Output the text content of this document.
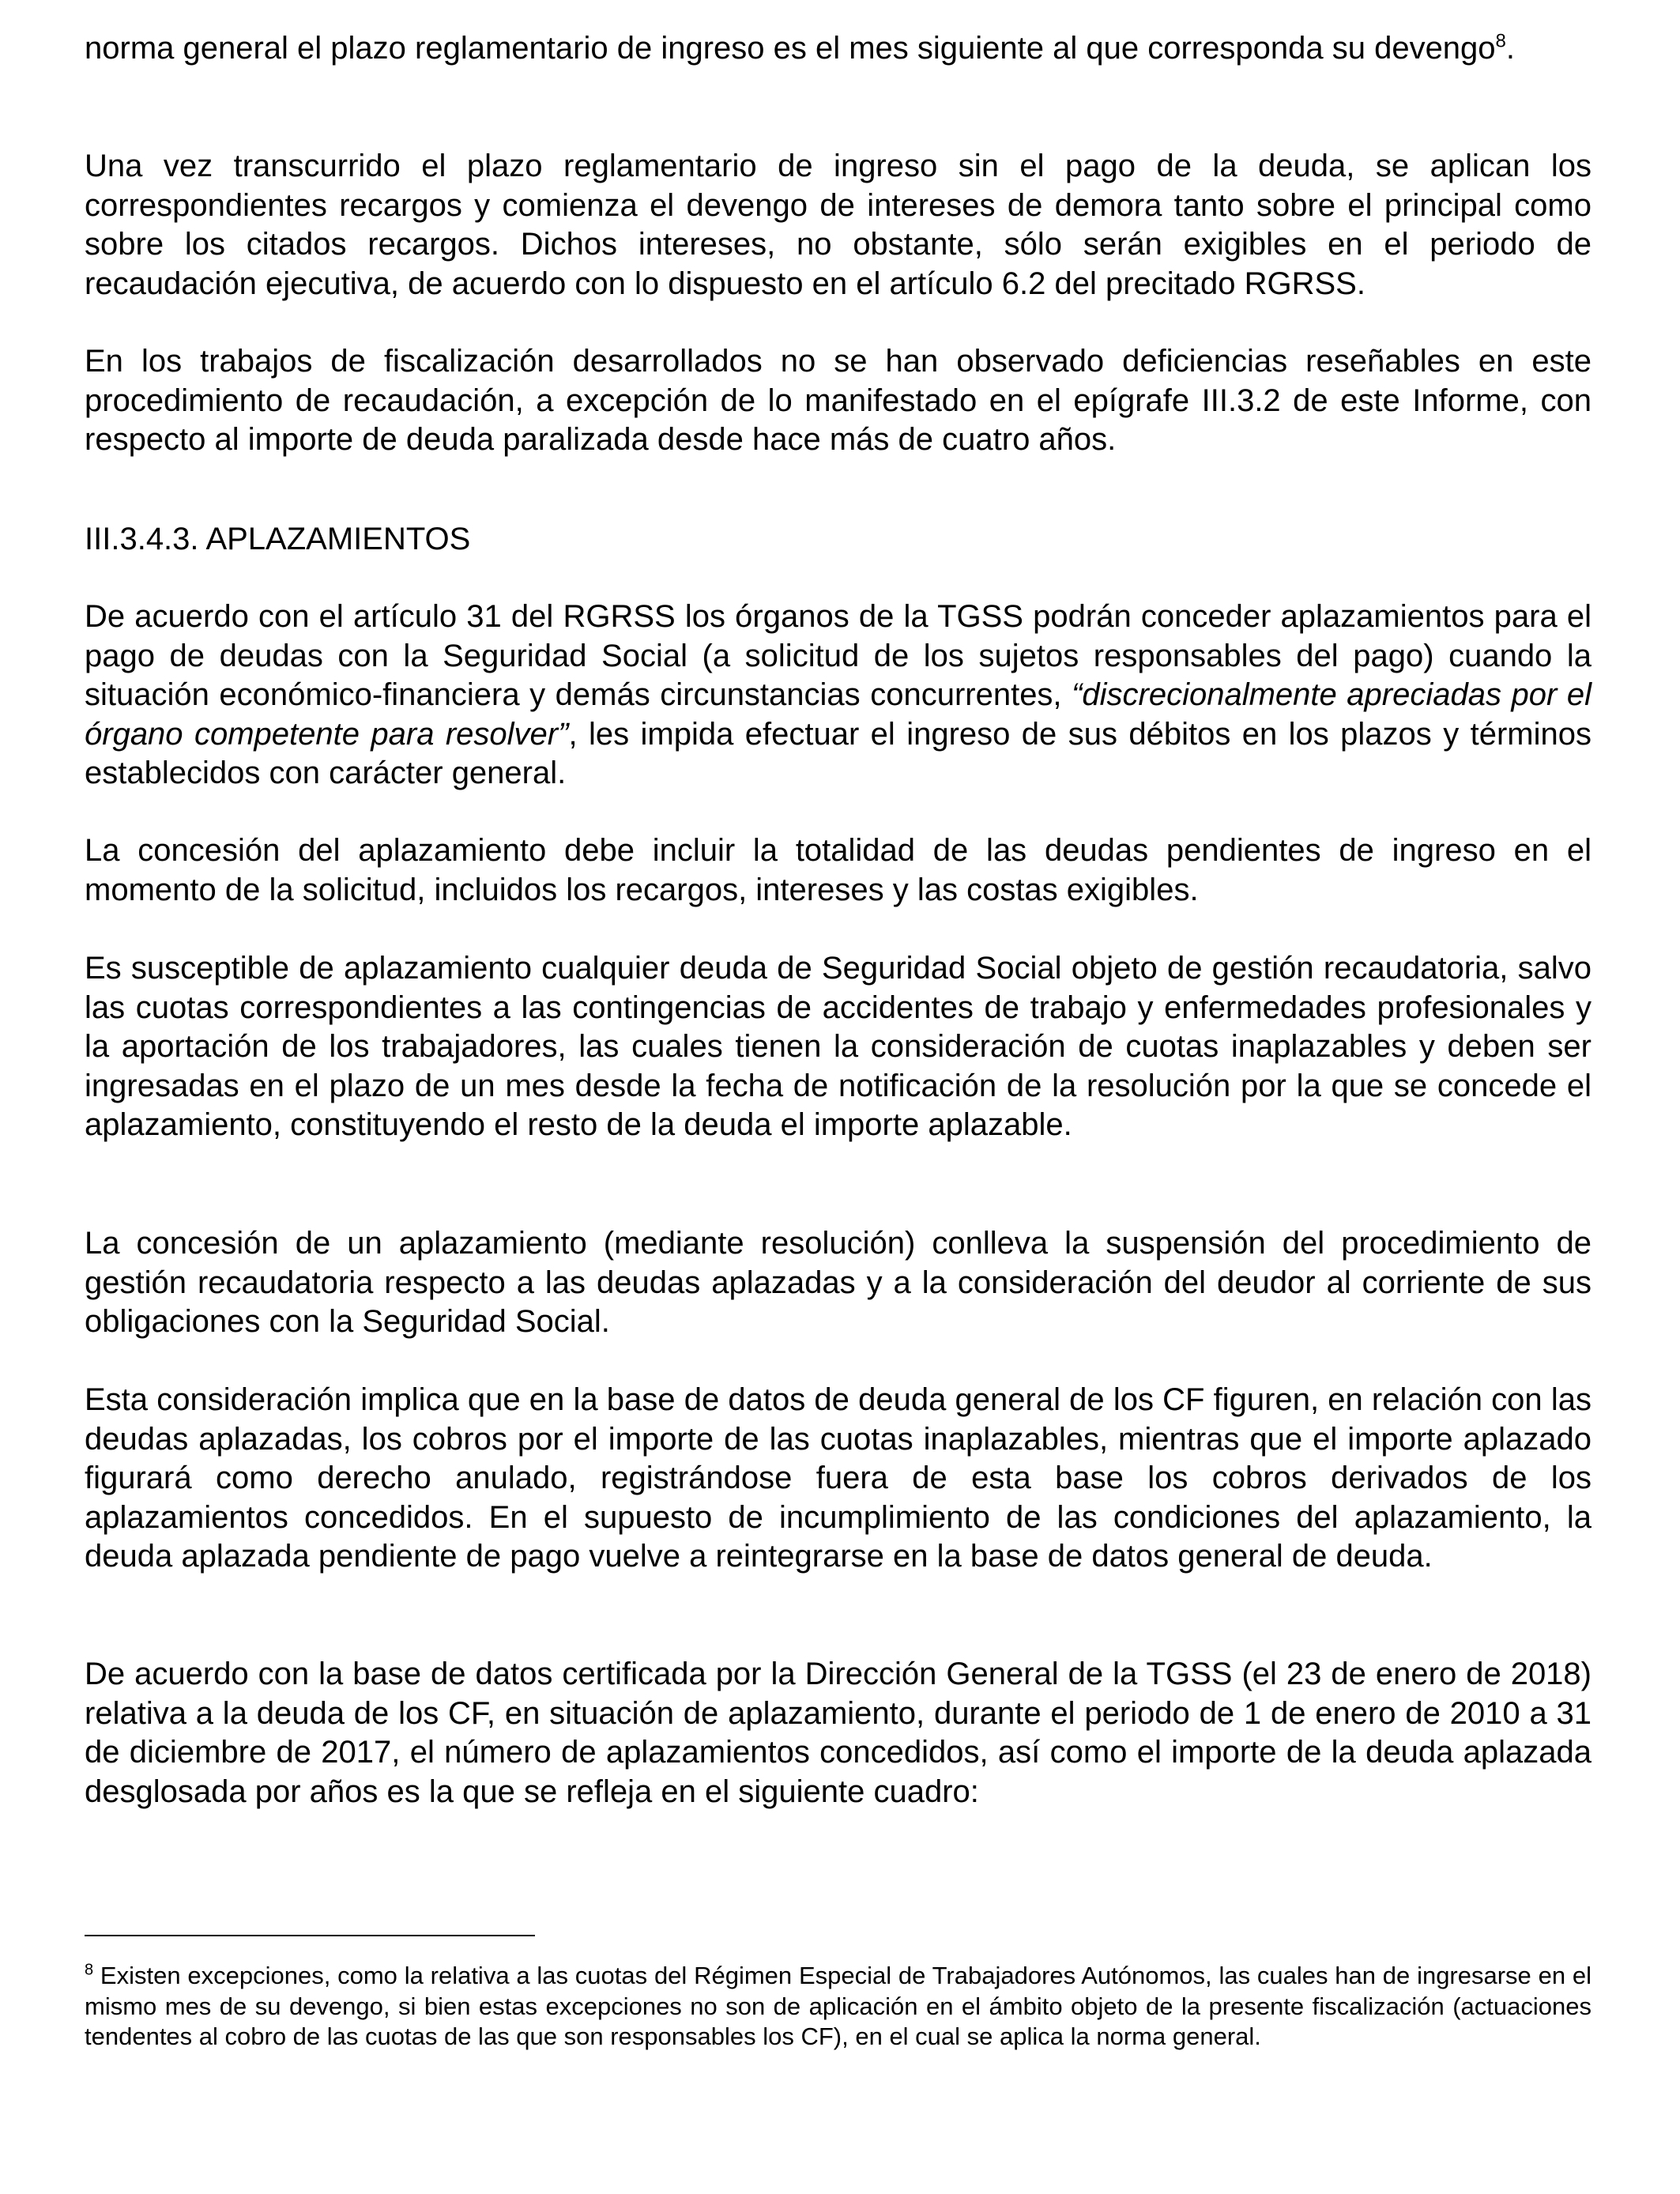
norma general el plazo reglamentario de ingreso es el mes siguiente al que corresponda su devengo$^8$.

Una vez transcurrido el plazo reglamentario de ingreso sin el pago de la deuda, se aplican los correspondientes recargos y comienza el devengo de intereses de demora tanto sobre el principal como sobre los citados recargos. Dichos intereses, no obstante, sólo serán exigibles en el periodo de recaudación ejecutiva, de acuerdo con lo dispuesto en el artículo 6.2 del precitado RGRSS.

En los trabajos de fiscalización desarrollados no se han observado deficiencias reseñables en este procedimiento de recaudación, a excepción de lo manifestado en el epígrafe III.3.2 de este Informe, con respecto al importe de deuda paralizada desde hace más de cuatro años.

III.3.4.3. APLAZAMIENTOS

De acuerdo con el artículo 31 del RGRSS los órganos de la TGSS podrán conceder aplazamientos para el pago de deudas con la Seguridad Social (a solicitud de los sujetos responsables del pago) cuando la situación económico-financiera y demás circunstancias concurrentes, “discrecionalmente apreciadas por el órgano competente para resolver”, les impida efectuar el ingreso de sus débitos en los plazos y términos establecidos con carácter general.

La concesión del aplazamiento debe incluir la totalidad de las deudas pendientes de ingreso en el momento de la solicitud, incluidos los recargos, intereses y las costas exigibles.

Es susceptible de aplazamiento cualquier deuda de Seguridad Social objeto de gestión recaudatoria, salvo las cuotas correspondientes a las contingencias de accidentes de trabajo y enfermedades profesionales y la aportación de los trabajadores, las cuales tienen la consideración de cuotas inaplazables y deben ser ingresadas en el plazo de un mes desde la fecha de notificación de la resolución por la que se concede el aplazamiento, constituyendo el resto de la deuda el importe aplazable.

La concesión de un aplazamiento (mediante resolución) conlleva la suspensión del procedimiento de gestión recaudatoria respecto a las deudas aplazadas y a la consideración del deudor al corriente de sus obligaciones con la Seguridad Social.

Esta consideración implica que en la base de datos de deuda general de los CF figuren, en relación con las deudas aplazadas, los cobros por el importe de las cuotas inaplazables, mientras que el importe aplazado figurará como derecho anulado, registrándose fuera de esta base los cobros derivados de los aplazamientos concedidos. En el supuesto de incumplimiento de las condiciones del aplazamiento, la deuda aplazada pendiente de pago vuelve a reintegrarse en la base de datos general de deuda.

De acuerdo con la base de datos certificada por la Dirección General de la TGSS (el 23 de enero de 2018) relativa a la deuda de los CF, en situación de aplazamiento, durante el periodo de 1 de enero de 2010 a 31 de diciembre de 2017, el número de aplazamientos concedidos, así como el importe de la deuda aplazada desglosada por años es la que se refleja en el siguiente cuadro:

$^8$ Existen excepciones, como la relativa a las cuotas del Régimen Especial de Trabajadores Autónomos, las cuales han de ingresarse en el mismo mes de su devengo, si bien estas excepciones no son de aplicación en el ámbito objeto de la presente fiscalización (actuaciones tendentes al cobro de las cuotas de las que son responsables los CF), en el cual se aplica la norma general.
